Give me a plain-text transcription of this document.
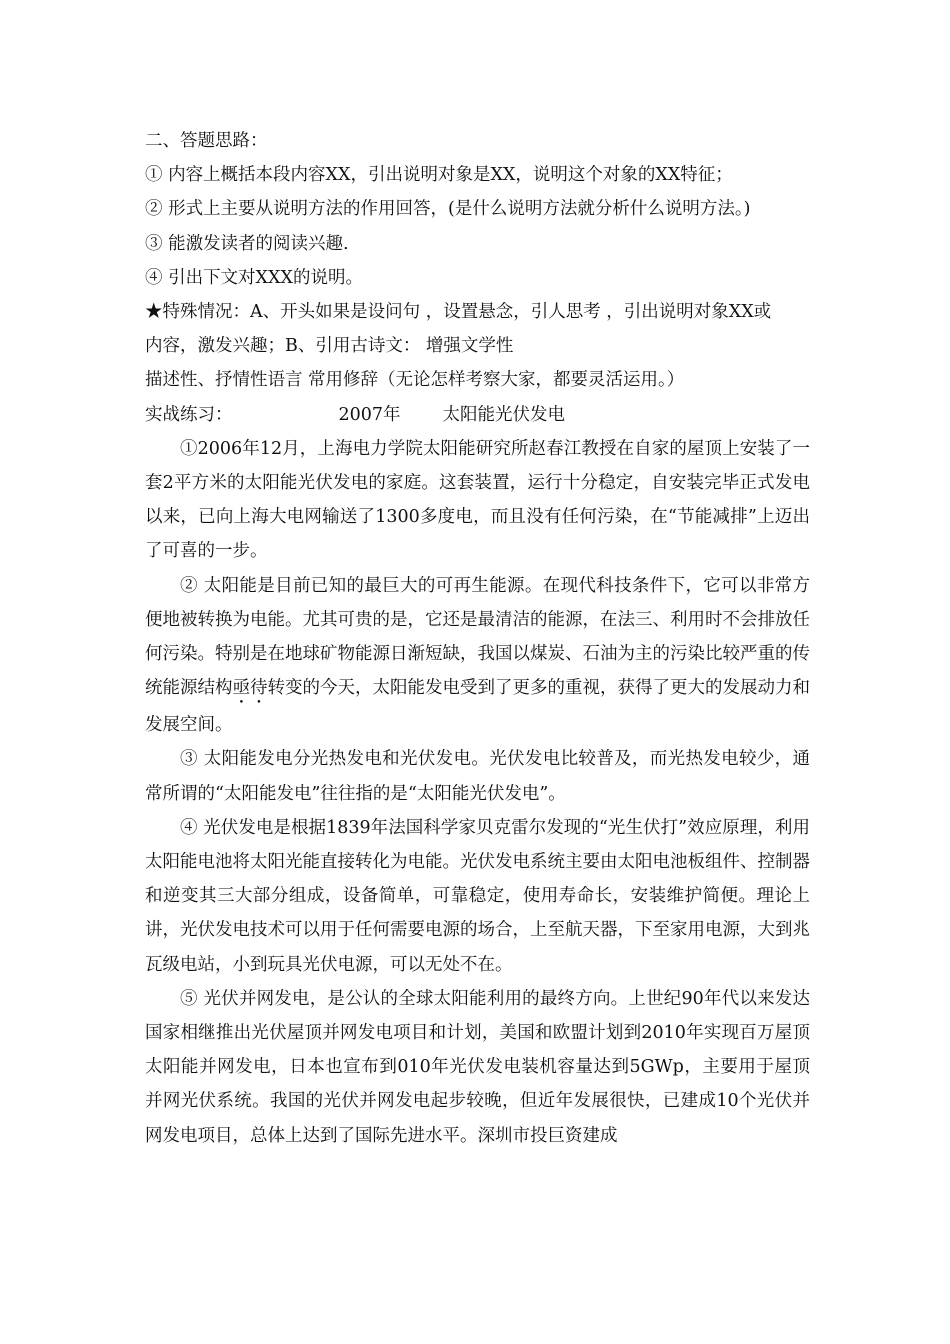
二、答题思路：
① 内容上概括本段内容XX，引出说明对象是XX，说明这个对象的XX特征；
② 形式上主要从说明方法的作用回答，(是什么说明方法就分析什么说明方法。)
③ 能激发读者的阅读兴趣.
④ 引出下文对XXX的说明。
★特殊情况：A、开头如果是设问句 ，设置悬念，引人思考 ，引出说明对象XX或
内容，激发兴趣；B、引用古诗文： 增强文学性
描述性、抒情性语言 常用修辞（无论怎样考察大家，都要灵活运用。）
实战练习：	2007年 太阳能光伏发电

①2006年12月，上海电力学院太阳能研究所赵春江教授在自家的屋顶上安装了一套2平方米的太阳能光伏发电的家庭。这套装置，运行十分稳定，自安装完毕正式发电以来，已向上海大电网输送了1300多度电，而且没有任何污染，在“节能减排”上迈出了可喜的一步。

② 太阳能是目前已知的最巨大的可再生能源。在现代科技条件下，它可以非常方便地被转换为电能。尤其可贵的是，它还是最清洁的能源，在法三、利用时不会排放任何污染。特别是在地球矿物能源日渐短缺，我国以煤炭、石油为主的污染比较严重的传统能源结构亟待转变的今天，太阳能发电受到了更多的重视，获得了更大的发展动力和发展空间。

③ 太阳能发电分光热发电和光伏发电。光伏发电比较普及，而光热发电较少，通常所谓的“太阳能发电”往往指的是“太阳能光伏发电”。

④ 光伏发电是根据1839年法国科学家贝克雷尔发现的“光生伏打”效应原理，利用太阳能电池将太阳光能直接转化为电能。光伏发电系统主要由太阳电池板组件、控制器和逆变其三大部分组成，设备简单，可靠稳定，使用寿命长，安装维护简便。理论上讲，光伏发电技术可以用于任何需要电源的场合，上至航天器，下至家用电源，大到兆瓦级电站，小到玩具光伏电源，可以无处不在。

⑤ 光伏并网发电，是公认的全球太阳能利用的最终方向。上世纪90年代以来发达国家相继推出光伏屋顶并网发电项目和计划，美国和欧盟计划到2010年实现百万屋顶太阳能并网发电，日本也宣布到010年光伏发电装机容量达到5GWp，主要用于屋顶并网光伏系统。我国的光伏并网发电起步较晚，但近年发展很快，已建成10个光伏并网发电项目，总体上达到了国际先进水平。深圳市投巨资建成
